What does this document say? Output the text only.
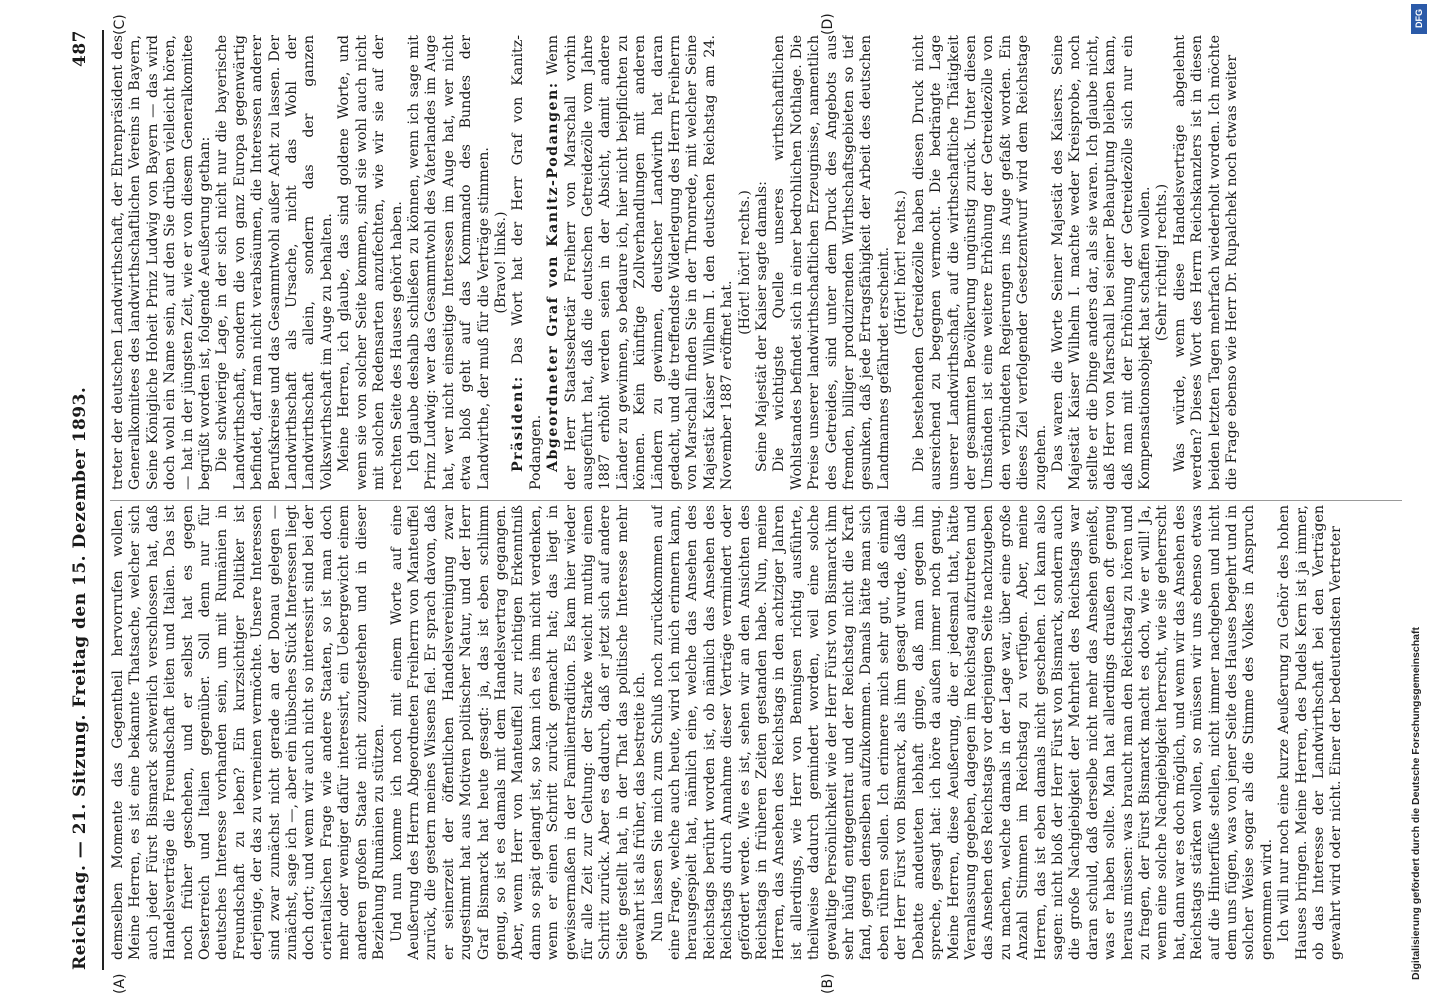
Reichstag. — 21. Sitzung. Freitag den 15. Dezember 1893.
487
(A)	(B)
(C)	(D)

demselben Momente das Gegentheil hervorrufen wollen. Meine Herren, es ist eine bekannte Thatsache, welcher sich auch jeder Fürst Bismarck schwerlich verschlossen hat, daß Handelsverträge die Freundschaft leiten und Italien. Das ist noch früher geschehen, und er selbst hat es gegen Oesterreich und Italien gegenüber. Soll denn nur für deutsches Interesse vorhanden sein, um mit Rumänien in Freundschaft zu leben? Ein kurzsichtiger Politiker ist derjenige, der das zu verneinen vermöchte. Unsere Interessen sind zwar zunächst nicht gerade an der Donau gelegen — zunächst, sage ich —, aber ein hübsches Stück Interessen liegt doch dort; und wenn wir auch nicht so interessirt sind bei der orientalischen Frage wie andere Staaten, so ist man doch mehr oder weniger dafür interessirt, ein Uebergewicht einem anderen großen Staate nicht zuzugestehen und in dieser Beziehung Rumänien zu stützen. Und nun komme ich noch mit einem Worte auf eine Aeußerung des Herrn Abgeordneten Freiherrn von Manteuffel zurück, die gestern meines Wissens fiel. Er sprach davon, daß er seinerzeit der öffentlichen Handelsvereinigung zwar zugestimmt hat aus Motiven politischer Natur, und der Herr Graf Bismarck hat heute gesagt: ja, das ist eben schlimm genug, so ist es damals mit dem Handelsvertrag gegangen. Aber, wenn Herr von Manteuffel zur richtigen Erkenntniß dann so spät gelangt ist, so kann ich es ihm nicht verdenken, wenn er einen Schritt zurück gemacht hat; das liegt in gewissermaßen in der Familientradition. Es kam hier wieder für alle Zeit zur Geltung: der Starke weicht muthig einen Schritt zurück. Aber es dadurch, daß er jetzt sich auf andere Seite gestellt hat, in der That das politische Interesse mehr gewahrt ist als früher, das bestreite ich. Nun lassen Sie mich zum Schluß noch zurückkommen auf eine Frage, welche auch heute, wird ich mich erinnern kann, herausgespielt hat, nämlich eine, welche das Ansehen des Reichstags berührt worden ist, ob nämlich das Ansehen des Reichstags durch Annahme dieser Verträge vermindert oder gefördert werde. Wie es ist, sehen wir an den Ansichten des Reichstags in früheren Zeiten gestanden habe. Nun, meine Herren, das Ansehen des Reichstags in den achtziger Jahren ist allerdings, wie Herr von Bennigsen richtig ausführte, theilweise dadurch gemindert worden, weil eine solche gewaltige Persönlichkeit wie der Herr Fürst von Bismarck ihm sehr häufig entgegentrat und der Reichstag nicht die Kraft fand, gegen denselben aufzukommen. Damals hätte man sich eben rühren sollen. Ich erinnere mich sehr gut, daß einmal der Herr Fürst von Bismarck, als ihm gesagt wurde, daß die Debatte andeuteten lebhaft ginge, daß man gegen ihn spreche, gesagt hat: ich höre da außen immer noch genug. Meine Herren, diese Aeußerung, die er jedesmal that, hätte Veranlassung gegeben, dagegen im Reichstag aufzutreten und das Ansehen des Reichstags vor derjenigen Seite nachzugeben zu machen, welche damals in der Lage war, über eine große Anzahl Stimmen im Reichstag zu verfügen. Aber, meine Herren, das ist eben damals nicht geschehen. Ich kann also sagen: nicht bloß der Herr Fürst von Bismarck, sondern auch die große Nachgiebigkeit der Mehrheit des Reichstags war daran schuld, daß derselbe nicht mehr das Ansehen genießt, was er haben sollte. Man hat allerdings draußen oft genug heraus müssen: was braucht man den Reichstag zu hören und zu fragen, der Fürst Bismarck macht es doch, wie er will! Ja, wenn eine solche Nachgiebigkeit herrscht, wie sie geherrscht hat, dann war es doch möglich, und wenn wir das Ansehen des Reichstags stärken wollen, so müssen wir uns ebenso etwas auf die Hinterfüße stellen, nicht immer nachgeben und nicht dem uns fügen, was von jener Seite des Hauses begehrt und in solcher Weise sogar als die Stimme des Volkes in Anspruch genommen wird. Ich will nur noch eine kurze Aeußerung zu Gehör des hohen Hauses bringen. Meine Herren, des Pudels Kern ist ja immer, ob das Interesse der Landwirthschaft bei den Verträgen gewahrt wird oder nicht. Einer der bedeutendsten Vertreter

treter der deutschen Landwirthschaft, der Ehrenpräsident des Generalkomitees des landwirthschaftlichen Vereins in Bayern, Seine Königliche Hoheit Prinz Ludwig von Bayern — das wird doch wohl ein Name sein, auf den Sie drüben vielleicht hören, — hat in der jüngsten Zeit, wie er von diesem Generalkomitee begrüßt worden ist, folgende Aeußerung gethan: Die schwierige Lage, in der sich nicht nur die bayerische Landwirthschaft, sondern die von ganz Europa gegenwärtig befindet, darf man nicht verabsäumen, die Interessen anderer Berufskreise und das Gesammtwohl außer Acht zu lassen. Der Landwirthschaft als Ursache, nicht das Wohl der Landwirthschaft allein, sondern das der ganzen Volkswirthschaft im Auge zu behalten. Meine Herren, ich glaube, das sind goldene Worte, und wenn sie von solcher Seite kommen, sind sie wohl auch nicht mit solchen Redensarten anzufechten, wie wir sie auf der rechten Seite des Hauses gehört haben. Ich glaube deshalb schließen zu können, wenn ich sage mit Prinz Ludwig: wer das Gesammtwohl des Vaterlandes im Auge hat, wer nicht einseitige Interessen im Auge hat, wer nicht etwa bloß geht auf das Kommando des Bundes der Landwirthe, der muß für die Verträge stimmen. (Bravo! links.)

Präsident: Das Wort hat der Herr Graf von Kanitz-Podangen. Abgeordneter Graf von Kanitz-Podangen: Wenn der Herr Staatssekretär Freiherr von Marschall vorhin ausgeführt hat, daß die deutschen Getreidezölle vom Jahre 1887 erhöht werden seien in der Absicht, damit andere Länder zu gewinnen, so bedaure ich, hier nicht beipflichten zu können. Kein künftige Zollverhandlungen mit anderen Ländern zu gewinnen, deutscher Landwirth hat daran gedacht, und die treffendste Widerlegung des Herrn Freiherrn von Marschall finden Sie in der Thronrede, mit welcher Seine Majestät Kaiser Wilhelm I. den deutschen Reichstag am 24. November 1887 eröffnet hat.

(Hört! hört! rechts.) Seine Majestät der Kaiser sagte damals: Die wichtigste Quelle unseres wirthschaftlichen Wohlstandes befindet sich in einer bedrohlichen Nothlage. Die Preise unserer landwirthschaftlichen Erzeugnisse, namentlich des Getreides, sind unter dem Druck des Angebots aus fremden, billiger produzirenden Wirthschaftsgebieten so tief gesunken, daß jede Ertragsfähigkeit der Arbeit des deutschen Landmannes gefährdet erscheint. (Hört! hört! rechts.) Die bestehenden Getreidezölle haben diesen Druck nicht ausreichend zu begegnen vermocht. Die bedrängte Lage unserer Landwirthschaft, auf die wirthschaftliche Thätigkeit der gesammten Bevölkerung ungünstig zurück. Unter diesen Umständen ist eine weitere Erhöhung der Getreidezölle von den verbündeten Regierungen ins Auge gefaßt worden. Ein dieses Ziel verfolgender Gesetzentwurf wird dem Reichstage zugehen. Das waren die Worte Seiner Majestät des Kaisers. Seine Majestät Kaiser Wilhelm I. machte weder Kreisprobe, noch stellte er die Dinge anders dar, als sie waren. Ich glaube nicht, daß Herr von Marschall bei seiner Behauptung bleiben kann, daß man mit der Erhöhung der Getreidezölle sich nur ein Kompensationsobjekt hat schaffen wollen. (Sehr richtig! rechts.) Was würde, wenn diese Handelsverträge abgelehnt werden? Dieses Wort des Herrn Reichskanzlers ist in diesen beiden letzten Tagen mehrfach wiederholt worden. Ich möchte die Frage ebenso wie Herr Dr. Rupalchek noch etwas weiter

DFG
Digitalisierung gefördert durch die Deutsche Forschungsgemeinschaft
